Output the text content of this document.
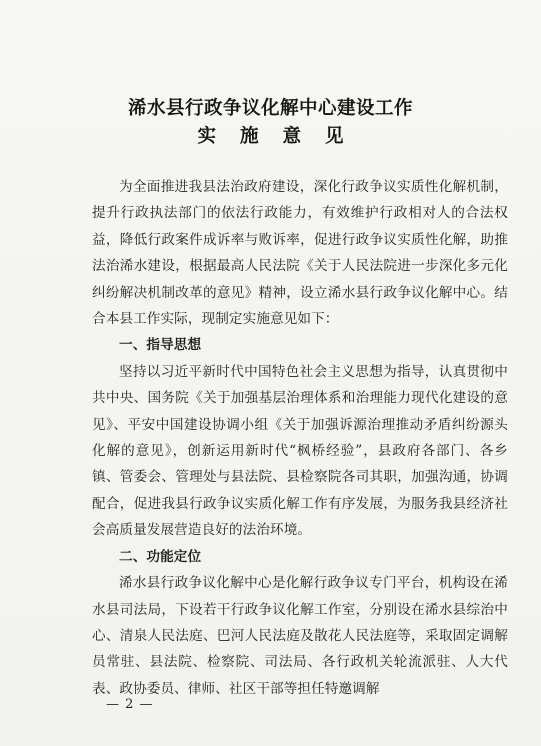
浠水县行政争议化解中心建设工作
实施意见

为全面推进我县法治政府建设，深化行政争议实质性化解机制，提升行政执法部门的依法行政能力，有效维护行政相对人的合法权益，降低行政案件成诉率与败诉率，促进行政争议实质性化解，助推法治浠水建设，根据最高人民法院《关于人民法院进一步深化多元化纠纷解决机制改革的意见》精神，设立浠水县行政争议化解中心。结合本县工作实际，现制定实施意见如下：

一、指导思想

坚持以习近平新时代中国特色社会主义思想为指导，认真贯彻中共中央、国务院《关于加强基层治理体系和治理能力现代化建设的意见》、平安中国建设协调小组《关于加强诉源治理推动矛盾纠纷源头化解的意见》，创新运用新时代“枫桥经验”，县政府各部门、各乡镇、管委会、管理处与县法院、县检察院各司其职，加强沟通，协调配合，促进我县行政争议实质化解工作有序发展，为服务我县经济社会高质量发展营造良好的法治环境。

二、功能定位

浠水县行政争议化解中心是化解行政争议专门平台，机构设在浠水县司法局，下设若干行政争议化解工作室，分别设在浠水县综治中心、清泉人民法庭、巴河人民法庭及散花人民法庭等，采取固定调解员常驻、县法院、检察院、司法局、各行政机关轮流派驻、人大代表、政协委员、律师、社区干部等担任特邀调解

— 2 —
